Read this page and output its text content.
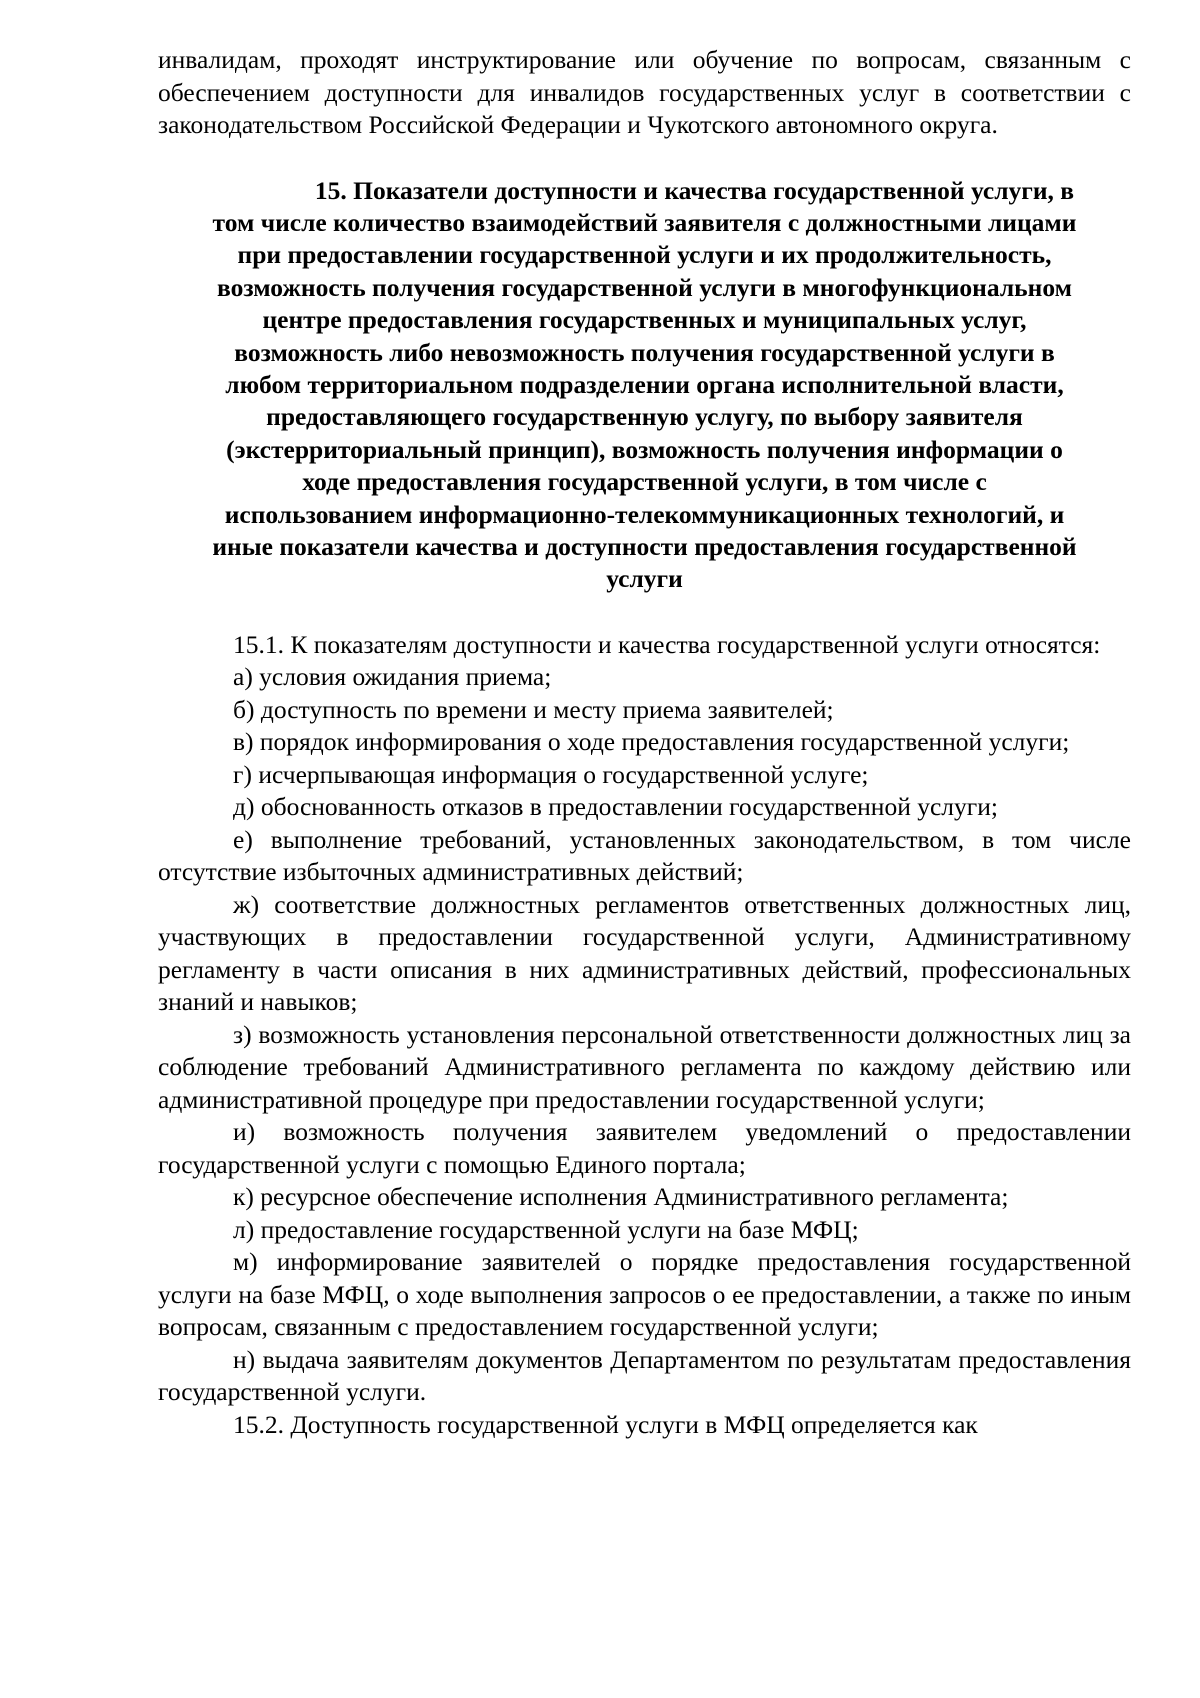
инвалидам, проходят инструктирование или обучение по вопросам, связанным с обеспечением доступности для инвалидов государственных услуг в соответствии с законодательством Российской Федерации и Чукотского автономного округа.

15. Показатели доступности и качества государственной услуги, в
том числе количество взаимодействий заявителя с должностными лицами
при предоставлении государственной услуги и их продолжительность,
возможность получения государственной услуги в многофункциональном
центре предоставления государственных и муниципальных услуг,
возможность либо невозможность получения государственной услуги в
любом территориальном подразделении органа исполнительной власти,
предоставляющего государственную услугу, по выбору заявителя
(экстерриториальный принцип), возможность получения информации о
ходе предоставления государственной услуги, в том числе с
использованием информационно-телекоммуникационных технологий, и
иные показатели качества и доступности предоставления государственной
услуги

15.1. К показателям доступности и качества государственной услуги относятся:

а) условия ожидания приема;

б) доступность по времени и месту приема заявителей;

в) порядок информирования о ходе предоставления государственной услуги;

г) исчерпывающая информация о государственной услуге;

д) обоснованность отказов в предоставлении государственной услуги;

е) выполнение требований, установленных законодательством, в том числе отсутствие избыточных административных действий;

ж) соответствие должностных регламентов ответственных должностных лиц, участвующих в предоставлении государственной услуги, Административному регламенту в части описания в них административных действий, профессиональных знаний и навыков;

з) возможность установления персональной ответственности должностных лиц за соблюдение требований Административного регламента по каждому действию или административной процедуре при предоставлении государственной услуги;

и) возможность получения заявителем уведомлений о предоставлении государственной услуги с помощью Единого портала;

к) ресурсное обеспечение исполнения Административного регламента;

л) предоставление государственной услуги на базе МФЦ;

м) информирование заявителей о порядке предоставления государственной услуги на базе МФЦ, о ходе выполнения запросов о ее предоставлении, а также по иным вопросам, связанным с предоставлением государственной услуги;

н) выдача заявителям документов Департаментом по результатам предоставления государственной услуги.

15.2. Доступность государственной услуги в МФЦ определяется как
